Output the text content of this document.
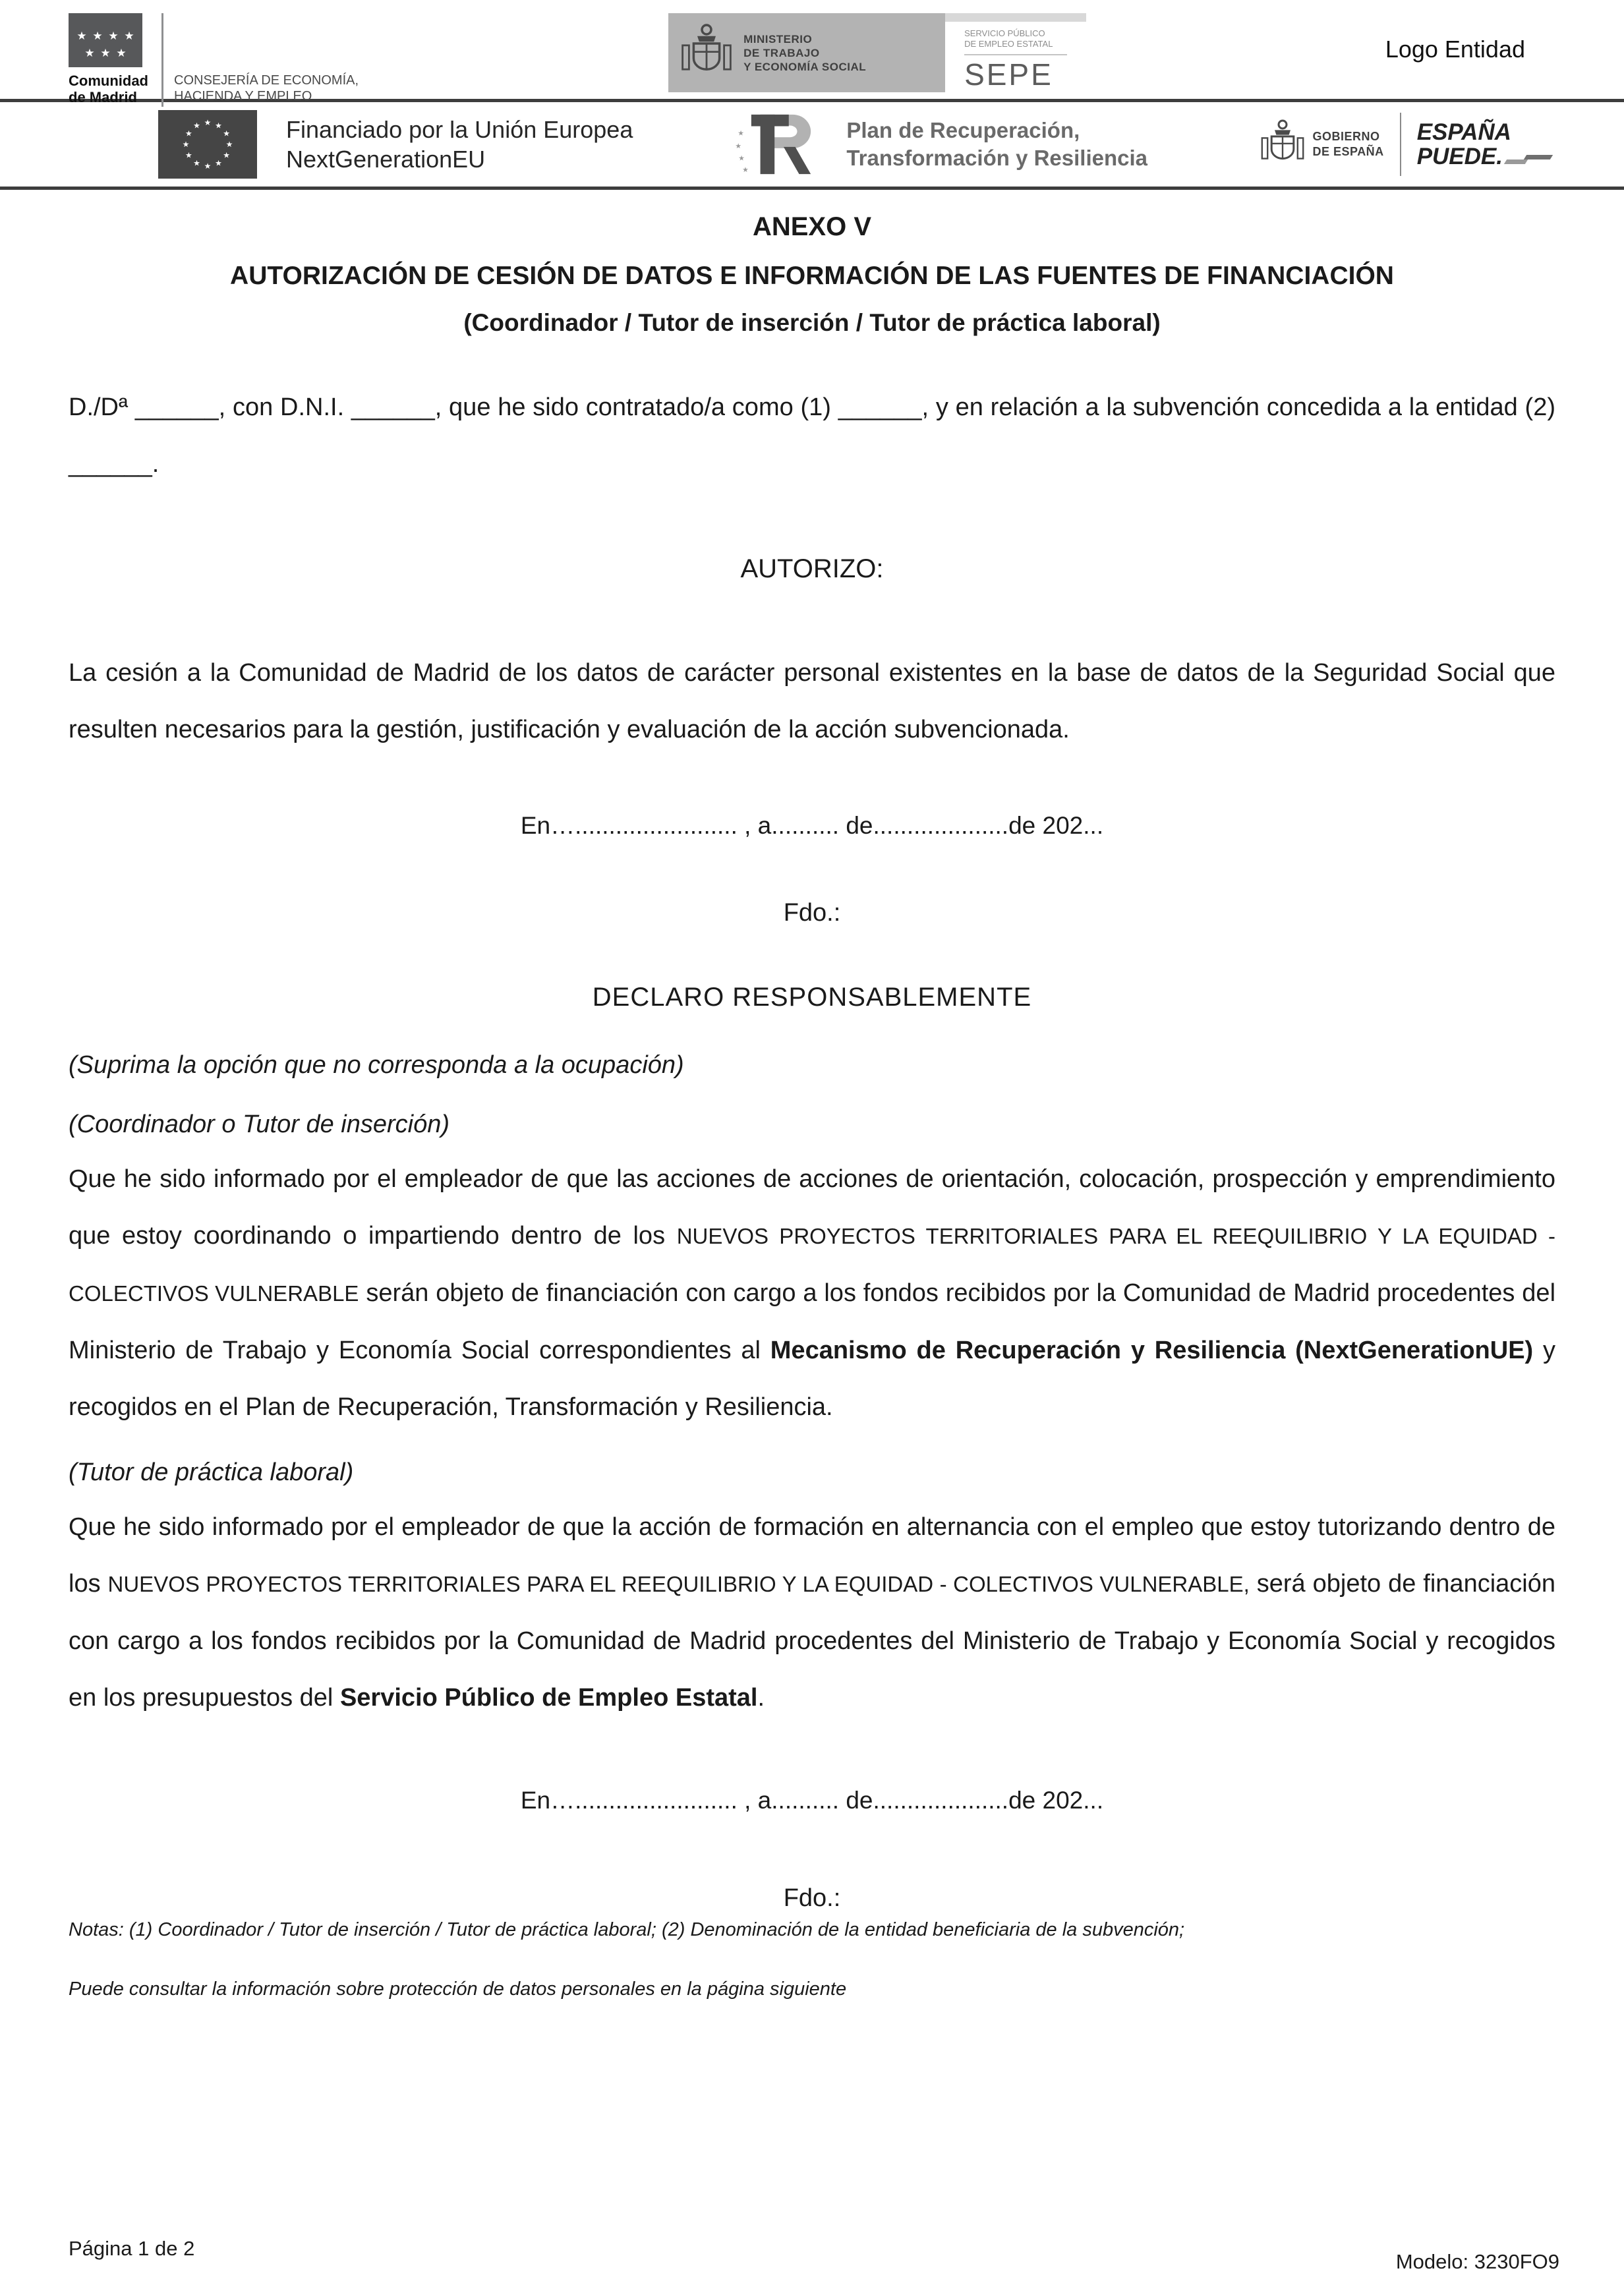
★ ★ ★ ★
★ ★ ★
Comunidad
de Madrid
CONSEJERÍA DE ECONOMÍA,
HACIENDA Y EMPLEO
MINISTERIO
DE TRABAJO
Y ECONOMÍA SOCIAL
SERVICIO PÚBLICO
DE EMPLEO ESTATAL
SEPE
Logo Entidad
★ ★
★
★
★
★
★
★
★
★
★
★	Financiado por la Unión Europea
NextGenerationEU
★
★
★
★
Plan de Recuperación,
Transformación y Resiliencia
GOBIERNO
DE ESPAÑA
ESPAÑA
PUEDE.
ANEXO V
AUTORIZACIÓN DE CESIÓN DE DATOS E INFORMACIÓN DE LAS FUENTES DE FINANCIACIÓN
(Coordinador / Tutor de inserción / Tutor de práctica laboral)

D./Dª ______, con D.N.I. ______, que he sido contratado/a como (1) ______, y en relación a la subvención concedida a la entidad (2) ______.

AUTORIZO:

La cesión a la Comunidad de Madrid de los datos de carácter personal existentes en la base de datos de la Seguridad Social que resulten necesarios para la gestión, justificación y evaluación de la acción subvencionada.

En…........................ , a.......... de....................de 202...
Fdo.:
DECLARO RESPONSABLEMENTE

(Suprima la opción que no corresponda a la ocupación)

(Coordinador o Tutor de inserción)

Que he sido informado por el empleador de que las acciones de acciones de orientación, colocación, prospección y emprendimiento que estoy coordinando o impartiendo dentro de los NUEVOS PROYECTOS TERRITORIALES PARA EL REEQUILIBRIO Y LA EQUIDAD - COLECTIVOS VULNERABLE serán objeto de financiación con cargo a los fondos recibidos por la Comunidad de Madrid procedentes del Ministerio de Trabajo y Economía Social correspondientes al Mecanismo de Recuperación y Resiliencia (NextGenerationUE) y recogidos en el Plan de Recuperación, Transformación y Resiliencia.

(Tutor de práctica laboral)

Que he sido informado por el empleador de que la acción de formación en alternancia con el empleo que estoy tutorizando dentro de los NUEVOS PROYECTOS TERRITORIALES PARA EL REEQUILIBRIO Y LA EQUIDAD - COLECTIVOS VULNERABLE, será objeto de financiación con cargo a los fondos recibidos por la Comunidad de Madrid procedentes del Ministerio de Trabajo y Economía Social y recogidos en los presupuestos del Servicio Público de Empleo Estatal.

En…........................ , a.......... de....................de 202...
Fdo.:

Notas: (1) Coordinador / Tutor de inserción / Tutor de práctica laboral; (2) Denominación de la entidad beneficiaria de la subvención;

Puede consultar la información sobre protección de datos personales en la página siguiente

Página 1 de 2
Modelo: 3230FO9
